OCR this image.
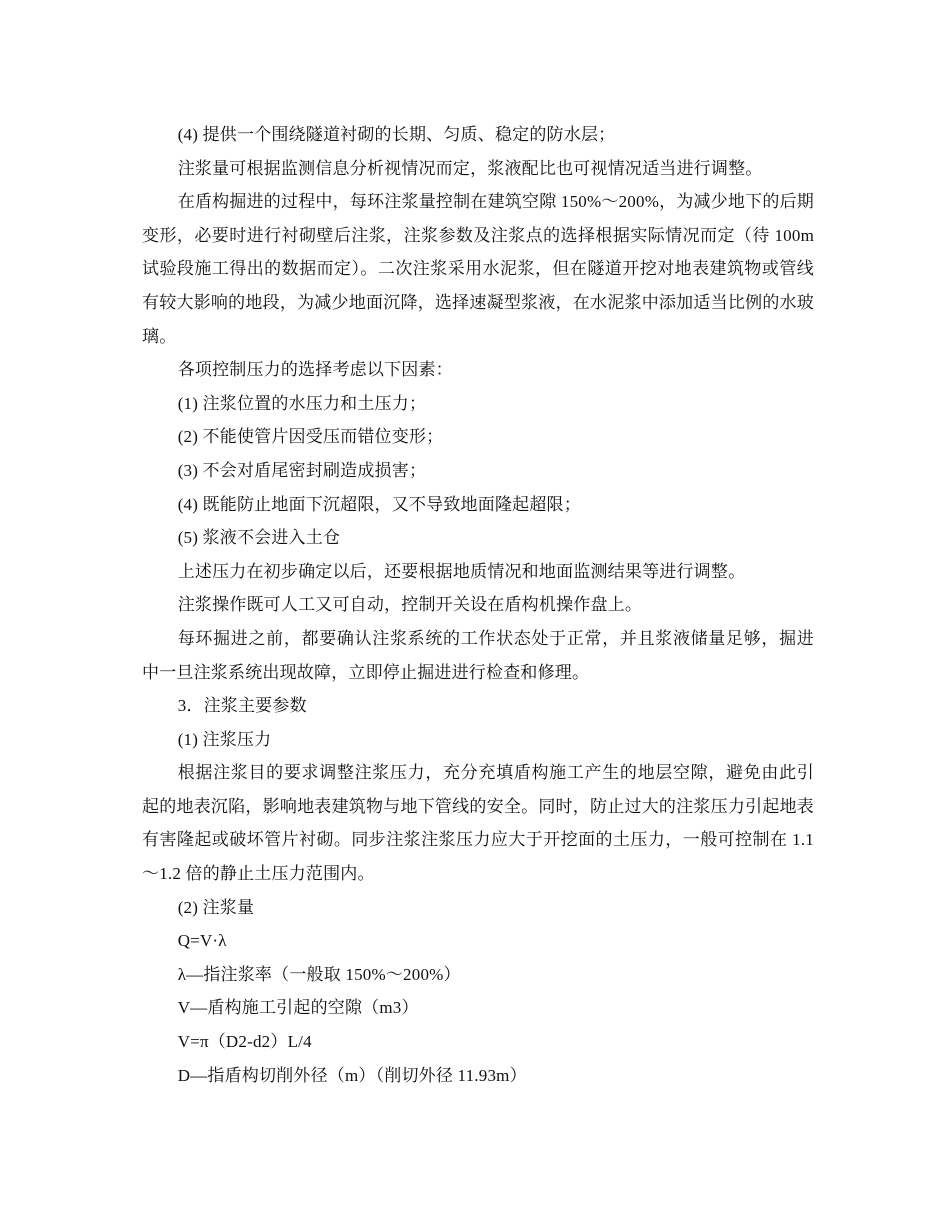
(4) 提供一个围绕隧道衬砌的长期、匀质、稳定的防水层；

注浆量可根据监测信息分析视情况而定，浆液配比也可视情况适当进行调整。

在盾构掘进的过程中，每环注浆量控制在建筑空隙 150%～200%，为减少地下的后期变形，必要时进行衬砌壁后注浆，注浆参数及注浆点的选择根据实际情况而定（待 100m 试验段施工得出的数据而定）。二次注浆采用水泥浆，但在隧道开挖对地表建筑物或管线有较大影响的地段，为减少地面沉降，选择速凝型浆液，在水泥浆中添加适当比例的水玻璃。

各项控制压力的选择考虑以下因素：

(1) 注浆位置的水压力和土压力；

(2) 不能使管片因受压而错位变形；

(3) 不会对盾尾密封刷造成损害；

(4) 既能防止地面下沉超限，又不导致地面隆起超限；

(5) 浆液不会进入土仓

上述压力在初步确定以后，还要根据地质情况和地面监测结果等进行调整。

注浆操作既可人工又可自动，控制开关设在盾构机操作盘上。

每环掘进之前，都要确认注浆系统的工作状态处于正常，并且浆液储量足够，掘进中一旦注浆系统出现故障，立即停止掘进进行检查和修理。

3．注浆主要参数

(1) 注浆压力

根据注浆目的要求调整注浆压力，充分充填盾构施工产生的地层空隙，避免由此引起的地表沉陷，影响地表建筑物与地下管线的安全。同时，防止过大的注浆压力引起地表有害隆起或破坏管片衬砌。同步注浆注浆压力应大于开挖面的土压力，一般可控制在 1.1～1.2 倍的静止土压力范围内。

(2) 注浆量

Q=V·λ

λ—指注浆率（一般取 150%～200%）

V—盾构施工引起的空隙（m3）

V=π（D2-d2）L/4

D—指盾构切削外径（m）（削切外径 11.93m）
